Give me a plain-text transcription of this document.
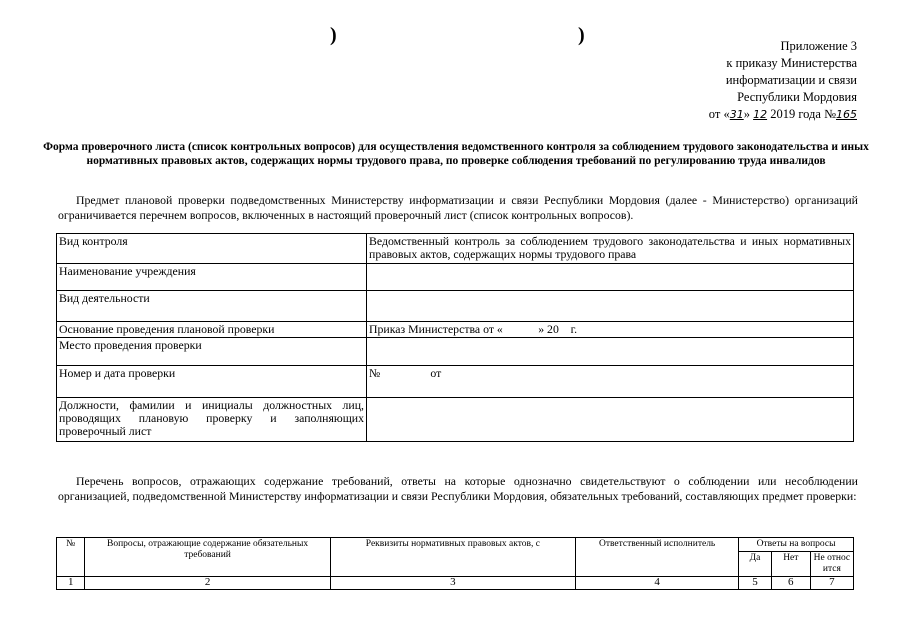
)	)	Приложение 3
к приказу Министерства
информатизации и связи
Республики Мордовия
от «31» 12 2019 года №165
Форма проверочного листа (список контрольных вопросов) для осуществления ведомственного контроля за соблюдением трудового законодательства и иных нормативных правовых актов, содержащих нормы трудового права, по проверке соблюдения требований по регулированию труда инвалидов
Предмет плановой проверки подведомственных Министерству информатизации и связи Республики Мордовия (далее - Министерство) организаций ограничивается перечнем вопросов, включенных в настоящий проверочный лист (список контрольных вопросов).
Вид контроля	Ведомственный контроль за соблюдением трудового законодательства и иных нормативных правовых актов, содержащих нормы трудового права
Наименование учреждения	
Вид деятельности	
Основание проведения плановой проверки	Приказ Министерства от «            » 20    г.
Место проведения проверки	
Номер и дата проверки	№                 от
Должности, фамилии и инициалы должностных лиц, проводящих плановую проверку и заполняющих проверочный лист	
Перечень вопросов, отражающих содержание требований, ответы на которые однозначно свидетельствуют о соблюдении или несоблюдении организацией, подведомственной Министерству информатизации и связи Республики Мордовия, обязательных требований, составляющих предмет проверки:
№	Вопросы, отражающие содержание обязательных требований	Реквизиты нормативных правовых актов, с	Ответственный исполнитель	Ответы на вопросы		
				Да	Нет	Не относится
1	2	3	4	5	6	7
